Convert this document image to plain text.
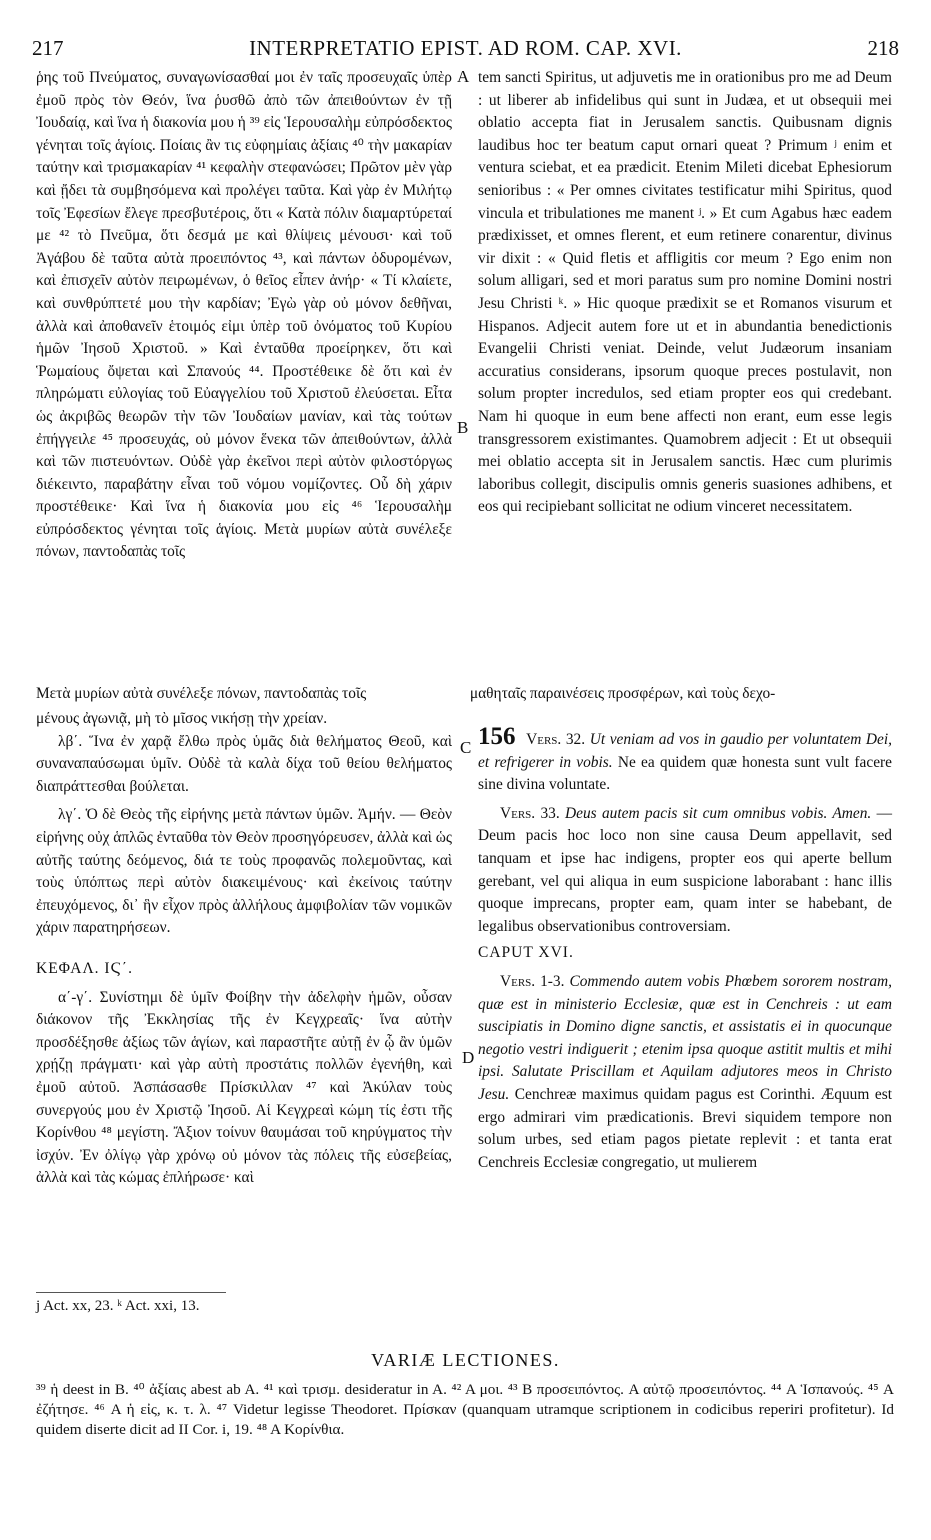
217	INTERPRETATIO EPIST. AD ROM. CAP. XVI.	218
A
B
C
D

ῥης τοῦ Πνεύματος, συναγωνίσασθαί μοι ἐν ταῖς προσευχαῖς ὑπὲρ ἐμοῦ πρὸς τὸν Θεόν, ἵνα ῥυσθῶ ἀπὸ τῶν ἀπειθούντων ἐν τῇ Ἰουδαίᾳ, καὶ ἵνα ἡ διακονία μου ἡ ³⁹ εἰς Ἱερουσαλὴμ εὐπρόσδεκτος γένηται τοῖς ἁγίοις. Ποίαις ἂν τις εὐφημίαις ἀξίαις ⁴⁰ τὴν μακαρίαν ταύτην καὶ τρισμακαρίαν ⁴¹ κεφαλὴν στεφανώσει; Πρῶτον μὲν γὰρ καὶ ᾔδει τὰ συμβησόμενα καὶ προλέγει ταῦτα. Καὶ γὰρ ἐν Μιλήτῳ τοῖς Ἐφεσίων ἔλεγε πρεσβυτέροις, ὅτι « Κατὰ πόλιν διαμαρτύρεταί με ⁴² τὸ Πνεῦμα, ὅτι δεσμά με καὶ θλίψεις μένουσι· καὶ τοῦ Ἀγάβου δὲ ταῦτα αὐτὰ προειπόντος ⁴³, καὶ πάντων ὀδυρομένων, καὶ ἐπισχεῖν αὐτὸν πειρωμένων, ὁ θεῖος εἶπεν ἀνήρ· « Τί κλαίετε, καὶ συνθρύπτετέ μου τὴν καρδίαν; Ἐγὼ γὰρ οὐ μόνον δεθῆναι, ἀλλὰ καὶ ἀποθανεῖν ἑτοιμός εἰμι ὑπὲρ τοῦ ὀνόματος τοῦ Κυρίου ἡμῶν Ἰησοῦ Χριστοῦ. » Καὶ ἐνταῦθα προείρηκεν, ὅτι καὶ Ῥωμαίους ὄψεται καὶ Σπανούς ⁴⁴. Προστέθεικε δὲ ὅτι καὶ ἐν πληρώματι εὐλογίας τοῦ Εὐαγγελίου τοῦ Χριστοῦ ἐλεύσεται. Εἶτα ὡς ἀκριβῶς θεωρῶν τὴν τῶν Ἰουδαίων μανίαν, καὶ τὰς τούτων ἐπήγγειλε ⁴⁵ προσευχάς, οὐ μόνον ἕνεκα τῶν ἀπειθούντων, ἀλλὰ καὶ τῶν πιστευόντων. Οὐδὲ γὰρ ἐκεῖνοι περὶ αὐτὸν φιλοστόργως διέκειντο, παραβάτην εἶναι τοῦ νόμου νομίζοντες. Οὗ δὴ χάριν προστέθεικε· Καὶ ἵνα ἡ διακονία μου εἰς ⁴⁶ Ἱερουσαλὴμ εὐπρόσδεκτος γένηται τοῖς ἁγίοις. Μετὰ μυρίων αὐτὰ συνέλεξε πόνων, παντοδαπὰς τοῖς

tem sancti Spiritus, ut adjuvetis me in orationibus pro me ad Deum : ut liberer ab infidelibus qui sunt in Judæa, et ut obsequii mei oblatio accepta fiat in Jerusalem sanctis. Quibusnam dignis laudibus hoc ter beatum caput ornari queat ? Primum ʲ enim et ventura sciebat, et ea prædicit. Etenim Mileti dicebat Ephesiorum senioribus : « Per omnes civitates testificatur mihi Spiritus, quod vincula et tribulationes me manent ʲ. » Et cum Agabus hæc eadem prædixisset, et omnes flerent, et eum retinere conarentur, divinus vir dixit : « Quid fletis et affligitis cor meum ? Ego enim non solum alligari, sed et mori paratus sum pro nomine Domini nostri Jesu Christi ᵏ. » Hic quoque prædixit se et Romanos visurum et Hispanos. Adjecit autem fore ut et in abundantia benedictionis Evangelii Christi veniat. Deinde, velut Judæorum insaniam accuratius considerans, ipsorum quoque preces postulavit, non solum propter incredulos, sed etiam propter eos qui credebant. Nam hi quoque in eum bene affecti non erant, eum esse legis transgressorem existimantes. Quamobrem adjecit : Et ut obsequii mei oblatio accepta sit in Jerusalem sanctis. Hæc cum plurimis laboribus collegit, discipulis omnis generis suasiones adhibens, et eos qui recipiebant sollicitat ne odium vinceret necessitatem.

Μετὰ μυρίων αὐτὰ συνέλεξε πόνων, παντοδαπὰς τοῖς	μαθηταῖς παραινέσεις προσφέρων, καὶ τοὺς δεχο-

μένους ἀγωνιᾷ, μὴ τὸ μῖσος νικήσῃ τὴν χρείαν.

λβ΄. Ἵνα ἐν χαρᾷ ἔλθω πρὸς ὑμᾶς διὰ θελήματος Θεοῦ, καὶ συναναπαύσωμαι ὑμῖν. Οὐδὲ τὰ καλὰ δίχα τοῦ θείου θελήματος διαπράττεσθαι βούλεται.

λγ΄. Ὁ δὲ Θεὸς τῆς εἰρήνης μετὰ πάντων ὑμῶν. Ἀμήν. — Θεὸν εἰρήνης οὐχ ἁπλῶς ἐνταῦθα τὸν Θεὸν προσηγόρευσεν, ἀλλὰ καὶ ὡς αὐτῆς ταύτης δεόμενος, διά τε τοὺς προφανῶς πολεμοῦντας, καὶ τοὺς ὑπόπτως περὶ αὐτὸν διακειμένους· καὶ ἐκείνοις ταύτην ἐπευχόμενος, δι᾽ ἣν εἶχον πρὸς ἀλλήλους ἀμφιβολίαν τῶν νομικῶν χάριν παρατηρήσεων.

ΚΕΦΑΛ. ΙϚ΄.

α΄-γ΄. Συνίστημι δὲ ὑμῖν Φοίβην τὴν ἀδελφὴν ἡμῶν, οὖσαν διάκονον τῆς Ἐκκλησίας τῆς ἐν Κεγχρεαῖς· ἵνα αὐτὴν προσδέξησθε ἀξίως τῶν ἁγίων, καὶ παραστῆτε αὐτῇ ἐν ᾧ ἂν ὑμῶν χρῄζῃ πράγματι· καὶ γὰρ αὐτὴ προστάτις πολλῶν ἐγενήθη, καὶ ἐμοῦ αὐτοῦ. Ἀσπάσασθε Πρίσκιλλαν ⁴⁷ καὶ Ἀκύλαν τοὺς συνεργούς μου ἐν Χριστῷ Ἰησοῦ. Αἱ Κεγχρεαὶ κώμη τίς ἐστι τῆς Κορίνθου ⁴⁸ μεγίστη. Ἄξιον τοίνυν θαυμάσαι τοῦ κηρύγματος τὴν ἰσχύν. Ἐν ὀλίγῳ γὰρ χρόνῳ οὐ μόνον τὰς πόλεις τῆς εὐσεβείας, ἀλλὰ καὶ τὰς κώμας ἐπλήρωσε· καὶ

156 Vers. 32. Ut veniam ad vos in gaudio per voluntatem Dei, et refrigerer in vobis. Ne ea quidem quæ honesta sunt vult facere sine divina voluntate.

Vers. 33. Deus autem pacis sit cum omnibus vobis. Amen. — Deum pacis hoc loco non sine causa Deum appellavit, sed tanquam et ipse hac indigens, propter eos qui aperte bellum gerebant, vel qui aliqua in eum suspicione laborabant : hanc illis quoque imprecans, propter eam, quam inter se habebant, de legalibus observationibus controversiam.

CAPUT XVI.

Vers. 1-3. Commendo autem vobis Phœbem sororem nostram, quæ est in ministerio Ecclesiæ, quæ est in Cenchreis : ut eam suscipiatis in Domino digne sanctis, et assistatis ei in quocunque negotio vestri indiguerit ; etenim ipsa quoque astitit multis et mihi ipsi. Salutate Priscillam et Aquilam adjutores meos in Christo Jesu. Cenchreæ maximus quidam pagus est Corinthi. Æquum est ergo admirari vim prædicationis. Brevi siquidem tempore non solum urbes, sed etiam pagos pietate replevit : et tanta erat Cenchreis Ecclesiæ congregatio, ut mulierem

j Act. xx, 23. ᵏ Act. xxi, 13.
VARIÆ LECTIONES.
³⁹ ἡ deest in B. ⁴⁰ ἀξίαις abest ab A. ⁴¹ καὶ τρισμ. desideratur in A. ⁴² A μοι. ⁴³ B προσειπόντος. A αὐτῷ προσειπόντος. ⁴⁴ A Ἱσπανούς. ⁴⁵ A ἐζήτησε. ⁴⁶ A ἡ εἰς, κ. τ. λ. ⁴⁷ Videtur legisse Theodoret. Πρίσκαν (quanquam utramque scriptionem in codicibus reperiri profitetur). Id quidem diserte dicit ad II Cor. i, 19. ⁴⁸ A Κορίνθια.
